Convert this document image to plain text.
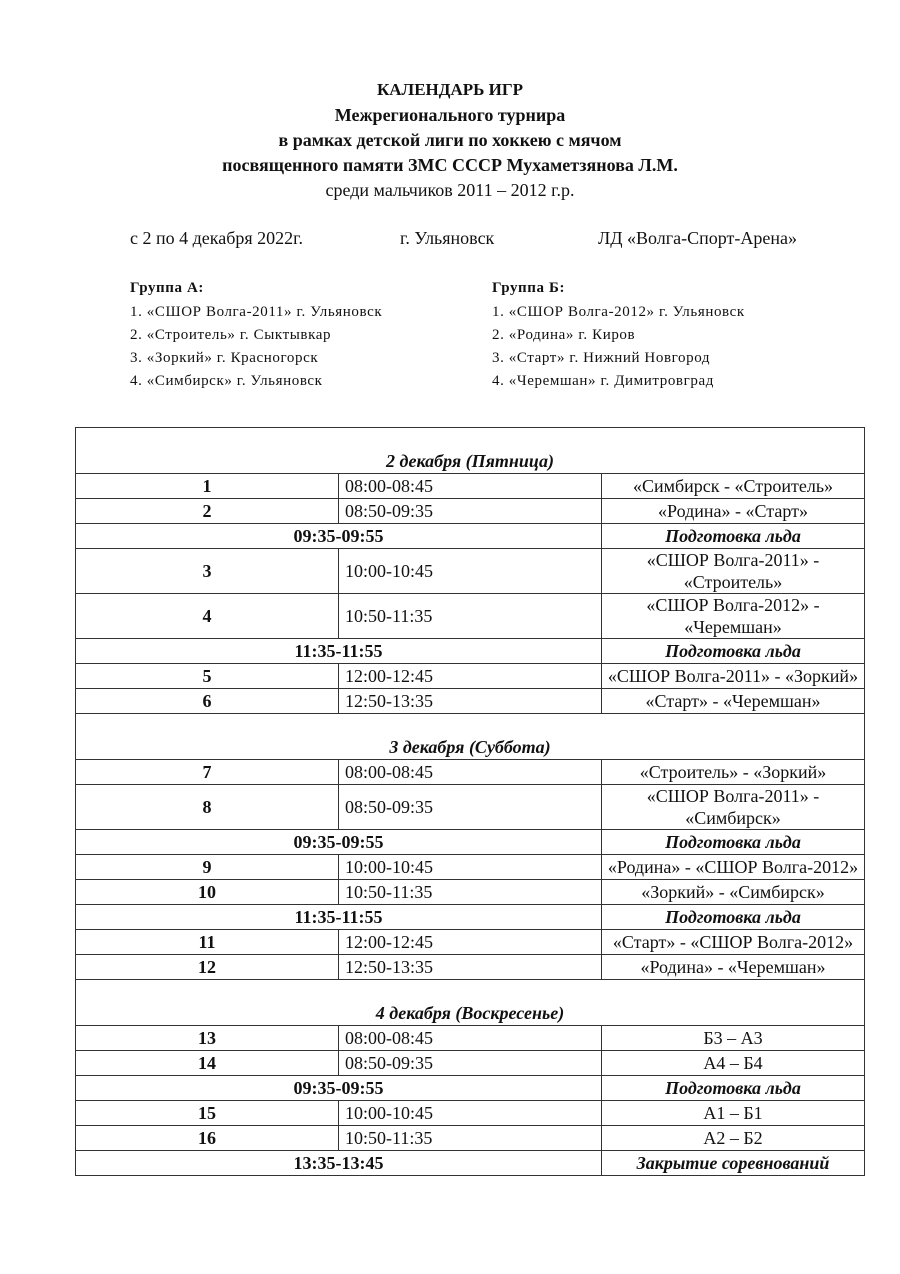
КАЛЕНДАРЬ ИГР
Межрегионального турнира
в рамках детской лиги по хоккею с мячом
посвященного памяти ЗМС СССР Мухаметзянова Л.М.
среди мальчиков 2011 – 2012 г.р.
с 2 по 4 декабря 2022г.	г. Ульяновск	ЛД «Волга-Спорт-Арена»
Группа А:
1. «СШОР Волга-2011» г. Ульяновск
2. «Строитель» г. Сыктывкар
3. «Зоркий» г. Красногорск
4. «Симбирск» г. Ульяновск
Группа Б:
1. «СШОР Волга-2012» г. Ульяновск
2. «Родина» г. Киров
3. «Старт» г. Нижний Новгород
4. «Черемшан» г. Димитровград
2 декабря (Пятница)		
1	08:00-08:45	«Симбирск - «Строитель»
2	08:50-09:35	«Родина» - «Старт»
09:35-09:55		Подготовка льда
3	10:00-10:45	«СШОР Волга-2011» - «Строитель»
4	10:50-11:35	«СШОР Волга-2012» - «Черемшан»
11:35-11:55		Подготовка льда
5	12:00-12:45	«СШОР Волга-2011» - «Зоркий»
6	12:50-13:35	«Старт» - «Черемшан»
3 декабря (Суббота)		
7	08:00-08:45	«Строитель» - «Зоркий»
8	08:50-09:35	«СШОР Волга-2011» - «Симбирск»
09:35-09:55		Подготовка льда
9	10:00-10:45	«Родина» - «СШОР Волга-2012»
10	10:50-11:35	«Зоркий» - «Симбирск»
11:35-11:55		Подготовка льда
11	12:00-12:45	«Старт» - «СШОР Волга-2012»
12	12:50-13:35	«Родина» - «Черемшан»
4 декабря (Воскресенье)		
13	08:00-08:45	Б3 – А3
14	08:50-09:35	А4 – Б4
09:35-09:55		Подготовка льда
15	10:00-10:45	А1 – Б1
16	10:50-11:35	А2 – Б2
13:35-13:45		Закрытие соревнований
